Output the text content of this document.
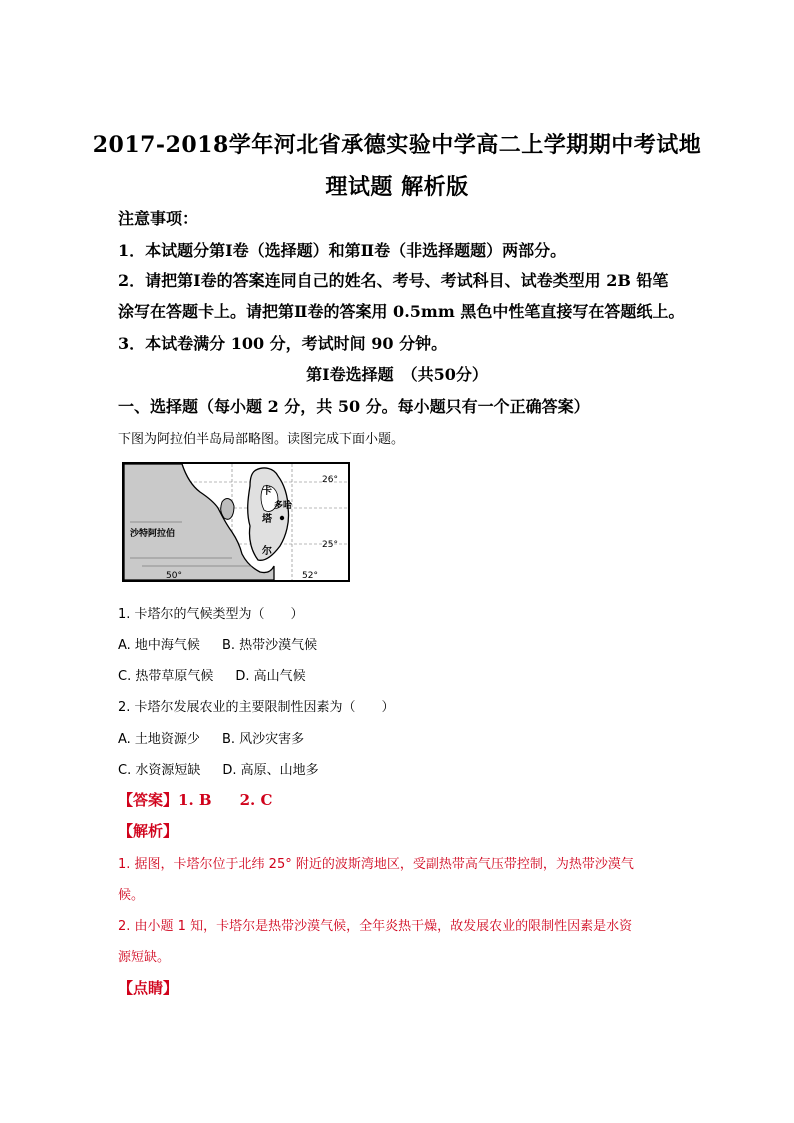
2017-2018学年河北省承德实验中学高二上学期期中考试地
理试题 解析版
注意事项：
1．本试题分第Ⅰ卷（选择题）和第Ⅱ卷（非选择题题）两部分。
2．请把第Ⅰ卷的答案连同自己的姓名、考号、考试科目、试卷类型用 2B 铅笔
涂写在答题卡上。请把第Ⅱ卷的答案用 0.5mm 黑色中性笔直接写在答题纸上。
3．本试卷满分 100 分，考试时间 90 分钟。
第Ⅰ卷选择题　（共50分）
一、选择题（每小题 2 分，共 50 分。每小题只有一个正确答案）
下图为阿拉伯半岛局部略图。读图完成下面小题。
26°
25°
50°	52°
沙特阿拉伯
卡
多哈
塔
尔
1. 卡塔尔的气候类型为（　　）
A. 地中海气候 B. 热带沙漠气候
C. 热带草原气候 D. 高山气候
2. 卡塔尔发展农业的主要限制性因素为（　　）
A. 土地资源少 B. 风沙灾害多
C. 水资源短缺 D. 高原、山地多
【答案】1. B 2. C
【解析】
1. 据图，卡塔尔位于北纬 25° 附近的波斯湾地区，受副热带高气压带控制，为热带沙漠气
候。
2. 由小题 1 知，卡塔尔是热带沙漠气候，全年炎热干燥，故发展农业的限制性因素是水资
源短缺。
【点睛】
